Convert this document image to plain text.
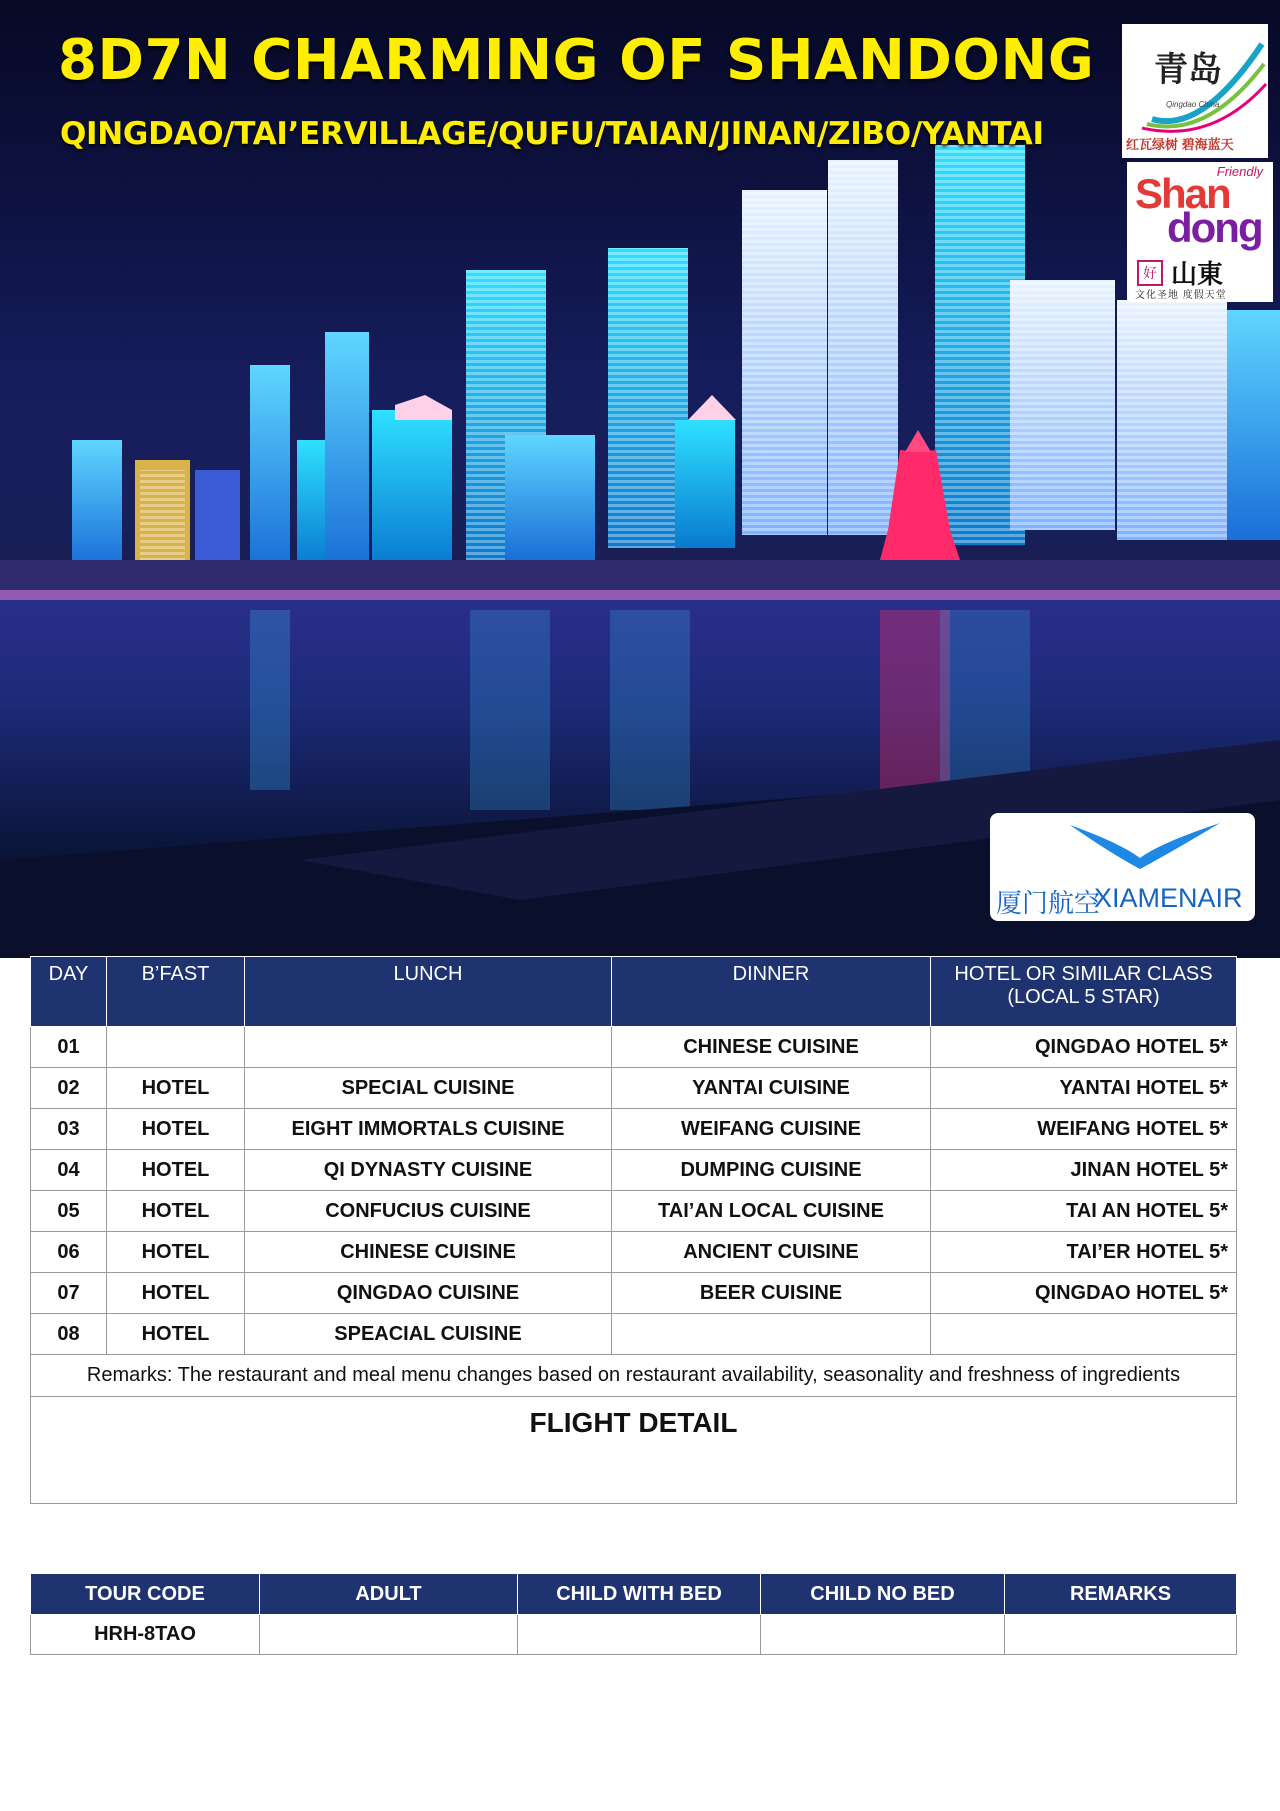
8D7N CHARMING OF SHANDONG
QINGDAO/TAI’ERVILLAGE/QUFU/TAIAN/JINAN/ZIBO/YANTAI
青岛
Qingdao China
红瓦绿树 碧海蓝天
Friendly
Shan
dong
好 山東
文化圣地 度假天堂
厦门航空
XIAMENAIR
DAY	B’FAST	LUNCH	DINNER	HOTEL OR SIMILAR CLASS
(LOCAL 5 STAR)

01			CHINESE CUISINE	QINGDAO HOTEL 5*
02	HOTEL	SPECIAL CUISINE	YANTAI CUISINE	YANTAI HOTEL 5*
03	HOTEL	EIGHT IMMORTALS CUISINE	WEIFANG CUISINE	WEIFANG HOTEL 5*
04	HOTEL	QI DYNASTY CUISINE	DUMPING CUISINE	JINAN HOTEL 5*
05	HOTEL	CONFUCIUS CUISINE	TAI’AN LOCAL CUISINE	TAI AN HOTEL 5*
06	HOTEL	CHINESE CUISINE	ANCIENT CUISINE	TAI’ER HOTEL 5*
07	HOTEL	QINGDAO CUISINE	BEER CUISINE	QINGDAO HOTEL 5*
08	HOTEL	SPEACIAL CUISINE		
Remarks: The restaurant and meal menu changes based on restaurant availability, seasonality and freshness of ingredients				
FLIGHT DETAIL				
TOUR CODE	ADULT	CHILD WITH BED	CHILD NO BED	REMARKS
HRH-8TAO				
